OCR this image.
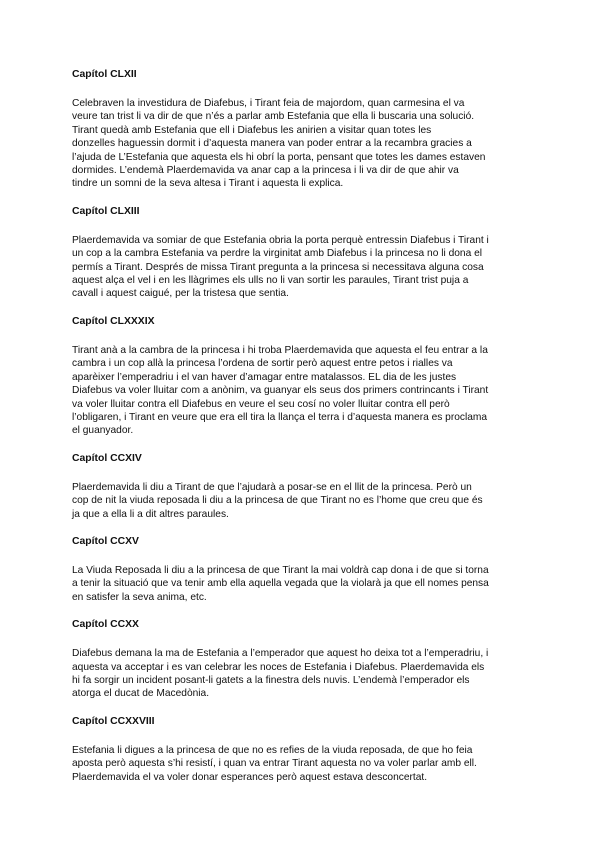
Capítol CLXII
Celebraven la investidura de Diafebus, i Tirant feia de majordom, quan carmesina el va
veure tan trist li va dir de que n’és a parlar amb Estefania que ella li buscaria una solució.
Tirant quedà amb Estefania que ell i Diafebus les anirien a visitar quan totes les
donzelles haguessin dormit i d’aquesta manera van poder entrar a la recambra gracies a
l’ajuda de L’Estefania que aquesta els hi obrí la porta, pensant que totes les dames estaven
dormides. L’endemà Plaerdemavida va anar cap a la princesa i li va dir de que ahir va
tindre un somni de la seva altesa i Tirant i aquesta li explica.
Capítol CLXIII
Plaerdemavida va somiar de que Estefania obria la porta perquè entressin Diafebus i Tirant i
un cop a la cambra Estefania va perdre la virginitat amb Diafebus i la princesa no li dona el
permís a Tirant. Després de missa Tirant pregunta a la princesa si necessitava alguna cosa
aquest alça el vel i en les llàgrimes els ulls no li van sortir les paraules, Tirant trist puja a
cavall i aquest caigué, per la tristesa que sentia.
Capítol CLXXXIX
Tirant anà a la cambra de la princesa i hi troba Plaerdemavida que aquesta el feu entrar a la
cambra i un cop allà la princesa l’ordena de sortir però aquest entre petos i rialles va
aparèixer l’emperadriu i el van haver d’amagar entre matalassos. EL dia de les justes
Diafebus va voler lluitar com a anònim, va guanyar els seus dos primers contrincants i Tirant
va voler lluitar contra ell Diafebus en veure el seu cosí no voler lluitar contra ell però
l’obligaren, i Tirant en veure que era ell tira la llança el terra i d’aquesta manera es proclama
el guanyador.
Capítol CCXIV
Plaerdemavida li diu a Tirant de que l’ajudarà a posar-se en el llit de la princesa. Però un
cop de nit la viuda reposada li diu a la princesa de que Tirant no es l’home que creu que és
ja que a ella li a dit altres paraules.
Capítol CCXV
La Viuda Reposada li diu a la princesa de que Tirant la mai voldrà cap dona i de que si torna
a tenir la situació que va tenir amb ella aquella vegada que la violarà ja que ell nomes pensa
en satisfer la seva anima, etc.
Capítol CCXX
Diafebus demana la ma de Estefania a l’emperador que aquest ho deixa tot a l’emperadriu, i
aquesta va acceptar i es van celebrar les noces de Estefania i Diafebus. Plaerdemavida els
hi fa sorgir un incident posant-li gatets a la finestra dels nuvis. L’endemà l’emperador els
atorga el ducat de Macedònia.
Capítol CCXXVIII
Estefania li digues a la princesa de que no es refies de la viuda reposada, de que ho feia
aposta però aquesta s’hi resistí, i quan va entrar Tirant aquesta no va voler parlar amb ell.
Plaerdemavida el va voler donar esperances però aquest estava desconcertat.
